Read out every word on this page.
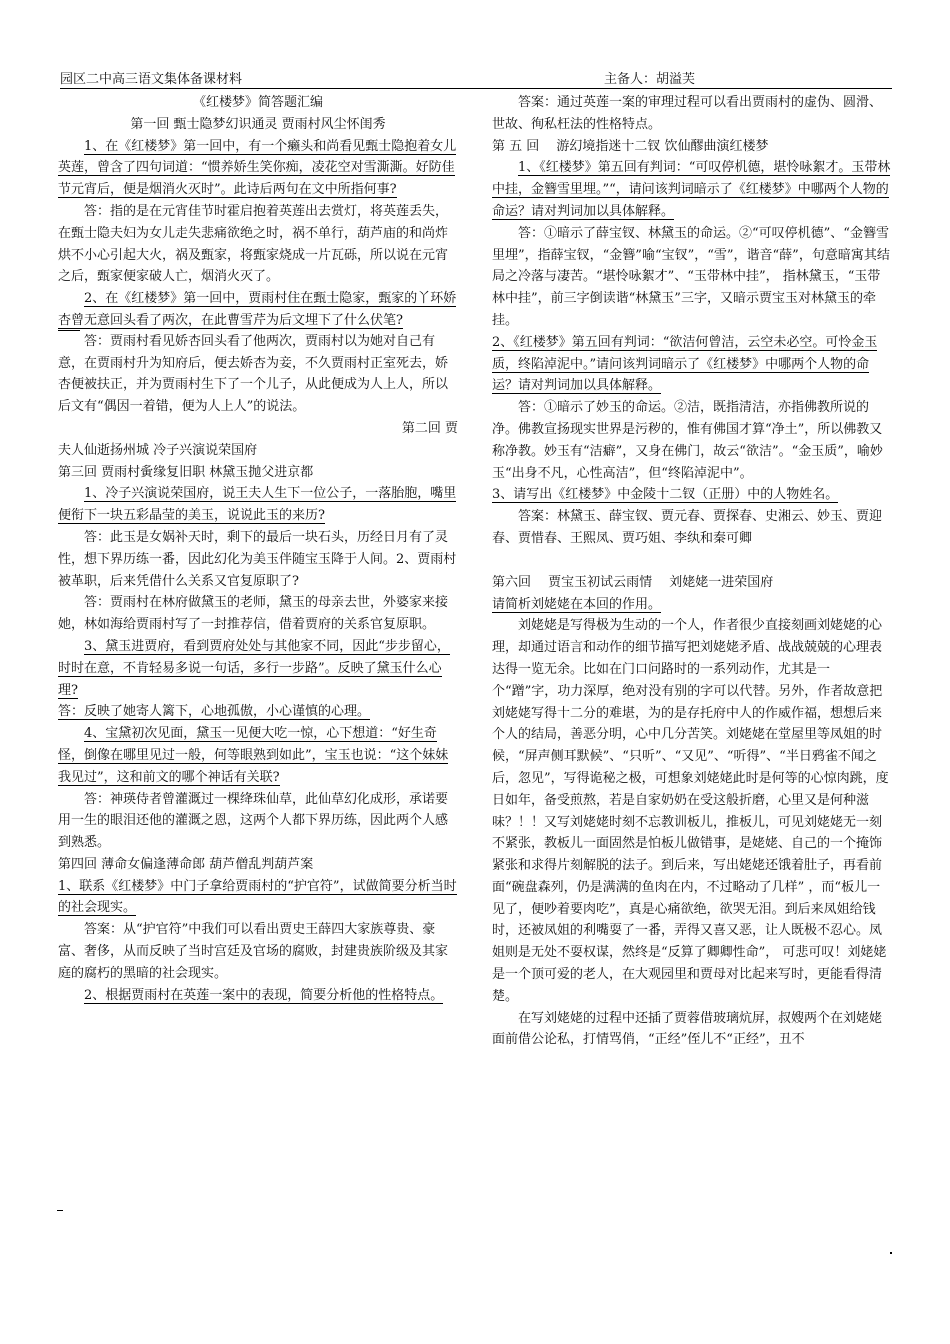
园区二中高三语文集体备课材料	主备人：胡溢芙

《红楼梦》简答题汇编

第一回 甄士隐梦幻识通灵 贾雨村风尘怀闺秀

1、在《红楼梦》第一回中，有一个癞头和尚看见甄士隐抱着女儿英莲，曾含了四句词道：“惯养娇生笑你痴，凌花空对雪澌澌。好防佳节元宵后，便是烟消火灭时”。此诗后两句在文中所指何事?

答：指的是在元宵佳节时霍启抱着英莲出去赏灯，将英莲丢失，在甄士隐夫妇为女儿走失悲痛欲绝之时，祸不单行，葫芦庙的和尚炸烘不小心引起大火，祸及甄家，将甄家烧成一片瓦砾，所以说在元宵之后，甄家便家破人亡，烟消火灭了。

2、在《红楼梦》第一回中，贾雨村住在甄士隐家，甄家的丫环娇杏曾无意回头看了两次，在此曹雪芹为后文埋下了什么伏笔?

答：贾雨村看见娇杏回头看了他两次，贾雨村以为她对自己有意，在贾雨村升为知府后，便去娇杏为妾，不久贾雨村正室死去，娇杏便被扶正，并为贾雨村生下了一个儿子，从此便成为人上人，所以后文有“偶因一着错，便为人上人”的说法。

第二回 贾

夫人仙逝扬州城 冷子兴演说荣国府

第三回 贾雨村夤缘复旧职 林黛玉抛父进京都

1、冷子兴演说荣国府，说王夫人生下一位公子，一落胎胞，嘴里便衔下一块五彩晶莹的美玉，说说此玉的来历?

答：此玉是女娲补天时，剩下的最后一块石头，历经日月有了灵性，想下界历练一番，因此幻化为美玉伴随宝玉降于人间。2、贾雨村被革职，后来凭借什么关系又官复原职了?

答：贾雨村在林府做黛玉的老师，黛玉的母亲去世，外婆家来接她，林如海给贾雨村写了一封推荐信，借着贾府的关系官复原职。

3、黛玉进贾府，看到贾府处处与其他家不同，因此“步步留心，时时在意，不肯轻易多说一句话，多行一步路”。反映了黛玉什么心理?

答：反映了她寄人篱下，心地孤傲，小心谨慎的心理。

4、宝黛初次见面，黛玉一见便大吃一惊，心下想道：“好生奇怪，倒像在哪里见过一般，何等眼熟到如此”，宝玉也说：“这个妹妹我见过”，这和前文的哪个神话有关联?

答：神瑛侍者曾灌溉过一棵绛珠仙草，此仙草幻化成形，承诺要用一生的眼泪还他的灌溉之恩，这两个人都下界历练，因此两个人感到熟悉。

第四回 薄命女偏逢薄命郎 葫芦僧乱判葫芦案

1、联系《红楼梦》中门子拿给贾雨村的“护官符”，试做简要分析当时的社会现实。

答案：从“护官符”中我们可以看出贾史王薛四大家族尊贵、豪富、奢侈，从而反映了当时宫廷及官场的腐败，封建贵族阶级及其家庭的腐朽的黑暗的社会现实。

2、根据贾雨村在英莲一案中的表现，简要分析他的性格特点。

答案：通过英莲一案的审理过程可以看出贾雨村的虚伪、圆滑、世故、徇私枉法的性格特点。

第 五 回　 游幻境指迷十二钗 饮仙醪曲演红楼梦

1、《红楼梦》第五回有判词：“可叹停机德，堪怜咏絮才。玉带林中挂，金簪雪里埋。”“，请问该判词暗示了《红楼梦》中哪两个人物的命运？请对判词加以具体解释。

答：①暗示了薛宝钗、林黛玉的命运。②“可叹停机德”、“金簪雪里埋”，指薛宝钗，“金簪”喻“宝钗”，“雪”，谐音“薛”，句意暗寓其结局之冷落与凄苦。“堪怜咏絮才”、“玉带林中挂”， 指林黛玉，“玉带林中挂”，前三字倒读谐“林黛玉”三字，又暗示贾宝玉对林黛玉的牵挂。

2、《红楼梦》第五回有判词：“欲洁何曾洁，云空未必空。可怜金玉质，终陷淖泥中。”请问该判词暗示了《红楼梦》中哪两个人物的命运？请对判词加以具体解释。

答：①暗示了妙玉的命运。②洁，既指清洁，亦指佛教所说的净。佛教宣扬现实世界是污秽的，惟有佛国才算“净土”，所以佛教又称净教。妙玉有“洁癖”，又身在佛门，故云“欲洁”。“金玉质”，喻妙玉“出身不凡，心性高洁”，但“终陷淖泥中”。

3、请写出《红楼梦》中金陵十二钗（正册）中的人物姓名。

答案：林黛玉、薛宝钗、贾元春、贾探春、史湘云、妙玉、贾迎春、贾惜春、王熙凤、贾巧姐、李纨和秦可卿

第六回　 贾宝玉初试云雨情　 刘姥姥一进荣国府

请简析刘姥姥在本回的作用。

刘姥姥是写得极为生动的一个人，作者很少直接刻画刘姥姥的心理，却通过语言和动作的细节描写把刘姥姥矛盾、战战兢兢的心理表达得一览无余。比如在门口问路时的一系列动作，尤其是一个“蹭”字，功力深厚，绝对没有别的字可以代替。另外，作者故意把刘姥姥写得十二分的难堪，为的是存托府中人的作威作福，想想后来个人的结局，善恶分明，心中几分苦笑。刘姥姥在堂屋里等凤姐的时候，“屏声侧耳默候”、“只听”、“又见”、“听得”、“半日鸦雀不闻之后，忽见”，写得诡秘之极，可想象刘姥姥此时是何等的心惊肉跳，度日如年，备受煎熬，若是自家奶奶在受这般折磨，心里又是何种滋味？！！又写刘姥姥时刻不忘教训板儿，推板儿，可见刘姥姥无一刻不紧张，教板儿一面固然是怕板儿做错事，是姥姥、自己的一个掩饰紧张和求得片刻解脱的法子。到后来，写出姥姥还饿着肚子，再看前面“碗盘森列，仍是满满的鱼肉在内，不过略动了几样” ，而“板儿一见了，便吵着要肉吃”，真是心痛欲绝，欲哭无泪。到后来凤姐给钱时，还被凤姐的利嘴耍了一番，弄得又喜又恶，让人既极不忍心。凤姐则是无处不耍权谋，然终是“反算了卿卿性命”， 可悲可叹！刘姥姥是一个顶可爱的老人，在大观园里和贾母对比起来写时，更能看得清楚。

在写刘姥姥的过程中还插了贾蓉借玻璃炕屏，叔嫂两个在刘姥姥面前借公论私，打情骂俏，“正经”侄儿不“正经”，丑不
